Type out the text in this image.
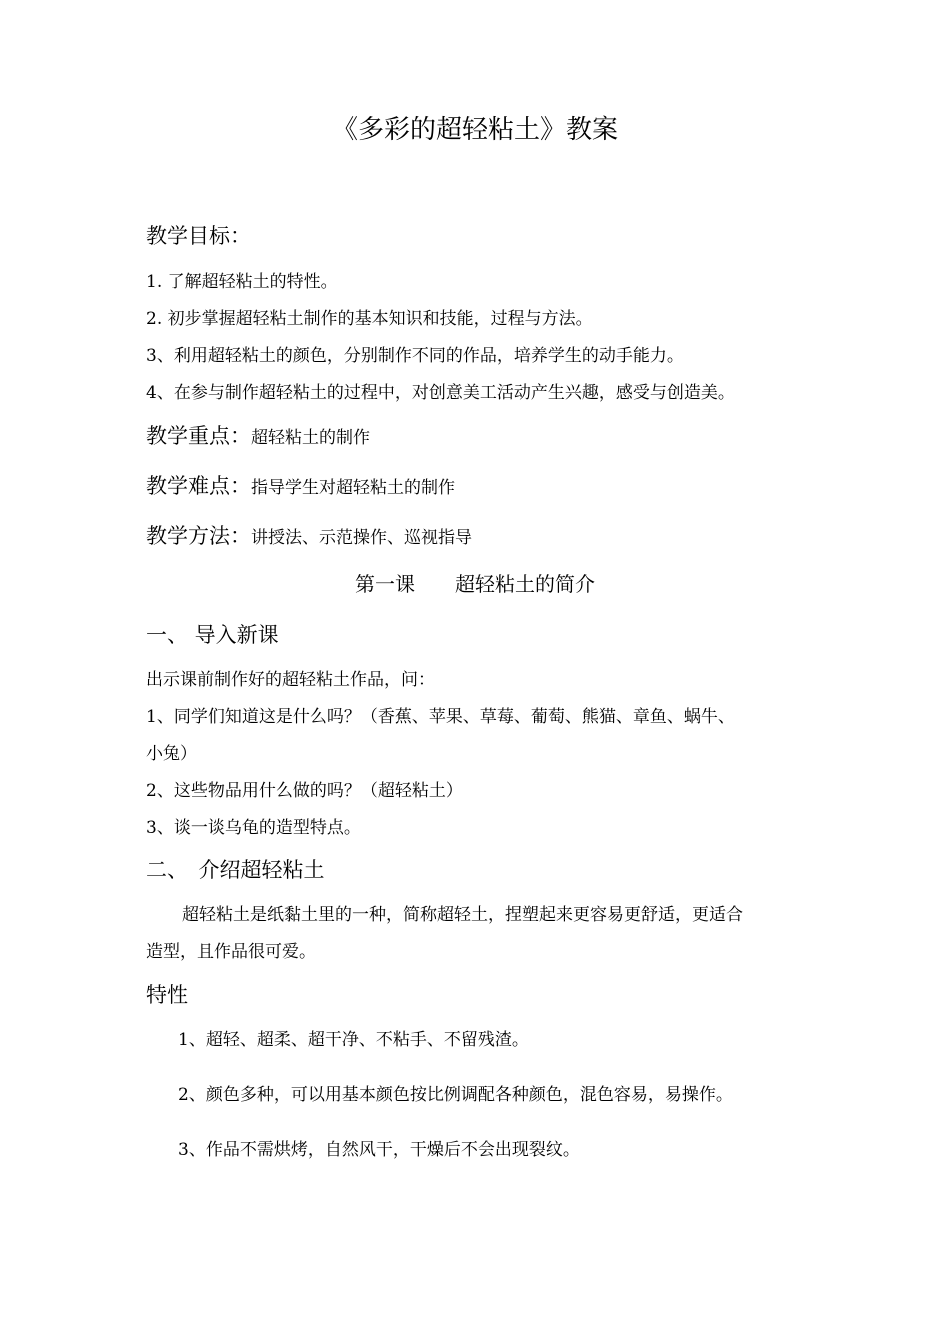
《多彩的超轻粘土》教案
教学目标：
1. 了解超轻粘土的特性。
2. 初步掌握超轻粘土制作的基本知识和技能，过程与方法。
3、利用超轻粘土的颜色，分别制作不同的作品，培养学生的动手能力。
4、在参与制作超轻粘土的过程中，对创意美工活动产生兴趣，感受与创造美。
教学重点：超轻粘土的制作
教学难点：指导学生对超轻粘土的制作
教学方法：讲授法、示范操作、巡视指导
第一课　　超轻粘土的简介
一、 导入新课
出示课前制作好的超轻粘土作品，问：
1、同学们知道这是什么吗？（香蕉、苹果、草莓、葡萄、熊猫、章鱼、蜗牛、
小兔）
2、这些物品用什么做的吗？（超轻粘土）
3、谈一谈乌龟的造型特点。
二、　介绍超轻粘土
超轻粘土是纸黏土里的一种，简称超轻土，捏塑起来更容易更舒适，更适合
造型，且作品很可爱。
特性
1、超轻、超柔、超干净、不粘手、不留残渣。
2、颜色多种，可以用基本颜色按比例调配各种颜色，混色容易，易操作。
3、作品不需烘烤，自然风干，干燥后不会出现裂纹。
